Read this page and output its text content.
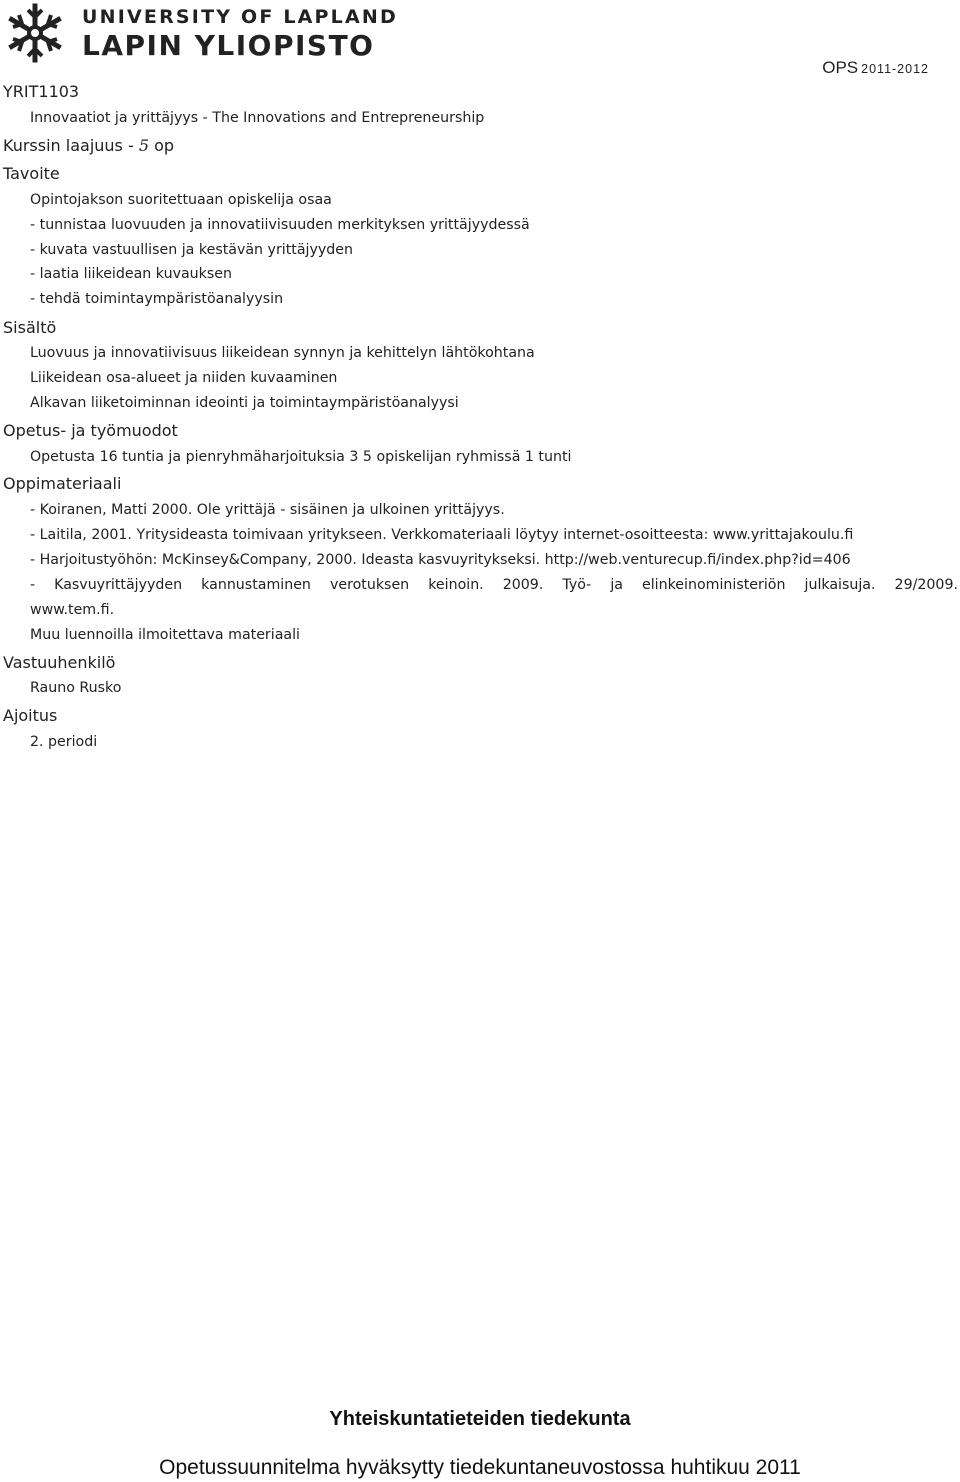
UNIVERSITY OF LAPLAND
LAPIN YLIOPISTO
OPS 2011-2012
YRIT1103
Innovaatiot ja yrittäjyys - The Innovations and Entrepreneurship
Kurssin laajuus - 5 op
Tavoite
Opintojakson suoritettuaan opiskelija osaa
- tunnistaa luovuuden ja innovatiivisuuden merkityksen yrittäjyydessä
- kuvata vastuullisen ja kestävän yrittäjyyden
- laatia liikeidean kuvauksen
- tehdä toimintaympäristöanalyysin
Sisältö
Luovuus ja innovatiivisuus liikeidean synnyn ja kehittelyn lähtökohtana
Liikeidean osa-alueet ja niiden kuvaaminen
Alkavan liiketoiminnan ideointi ja toimintaympäristöanalyysi
Opetus- ja työmuodot
Opetusta 16 tuntia ja pienryhmäharjoituksia 3 5 opiskelijan ryhmissä 1 tunti
Oppimateriaali
- Koiranen, Matti 2000. Ole yrittäjä - sisäinen ja ulkoinen yrittäjyys.
- Laitila, 2001. Yritysideasta toimivaan yritykseen. Verkkomateriaali löytyy internet-osoitteesta: www.yrittajakoulu.fi
- Harjoitustyöhön: McKinsey&Company, 2000. Ideasta kasvuyritykseksi. http://web.venturecup.fi/index.php?id=406
- Kasvuyrittäjyyden kannustaminen verotuksen keinoin. 2009. Työ- ja elinkeinoministeriön julkaisuja. 29/2009.
www.tem.fi.
Muu luennoilla ilmoitettava materiaali
Vastuuhenkilö
Rauno Rusko
Ajoitus
2. periodi
Yhteiskuntatieteiden tiedekunta
Opetussuunnitelma hyväksytty tiedekuntaneuvostossa huhtikuu 2011
